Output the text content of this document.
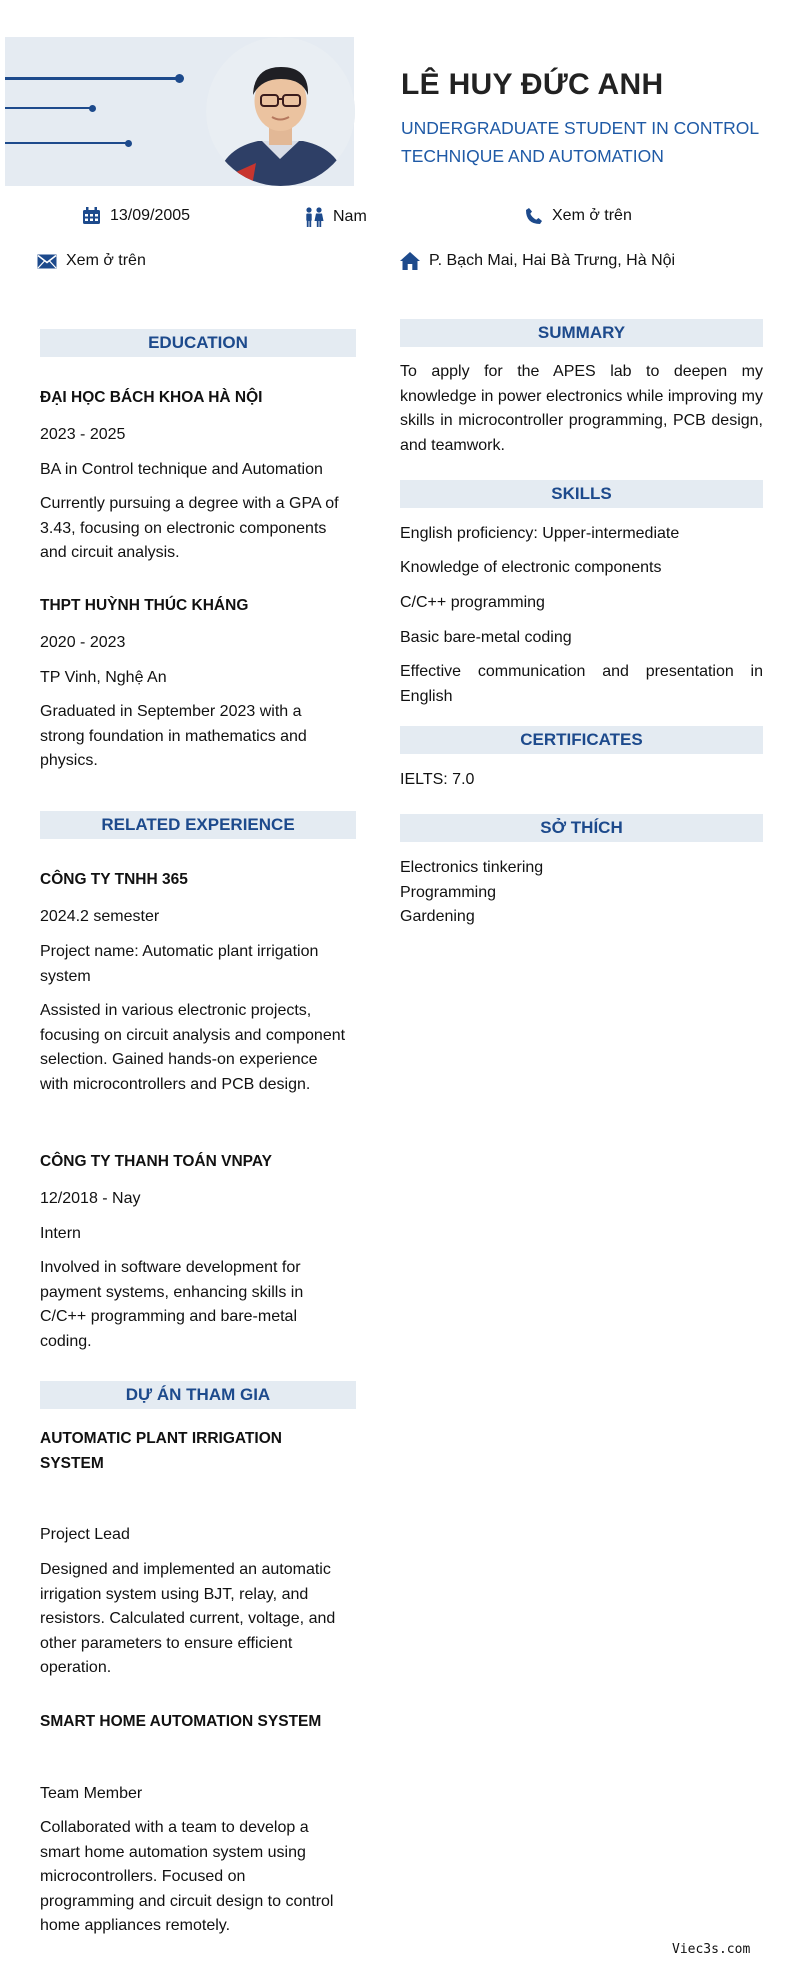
LÊ HUY ĐỨC ANH
UNDERGRADUATE STUDENT IN CONTROL TECHNIQUE AND AUTOMATION
13/09/2005	Nam	Xem ở trên
Xem ở trên	P. Bạch Mai, Hai Bà Trưng, Hà Nội
EDUCATION
ĐẠI HỌC BÁCH KHOA HÀ NỘI
2023 - 2025
BA in Control technique and Automation
Currently pursuing a degree with a GPA of 3.43, focusing on electronic components and circuit analysis.
THPT HUỲNH THÚC KHÁNG
2020 - 2023
TP Vinh, Nghệ An
Graduated in September 2023 with a strong foundation in mathematics and physics.
RELATED EXPERIENCE
CÔNG TY TNHH 365
2024.2 semester
Project name: Automatic plant irrigation system
Assisted in various electronic projects, focusing on circuit analysis and component selection. Gained hands-on experience with microcontrollers and PCB design.
CÔNG TY THANH TOÁN VNPAY
12/2018 - Nay
Intern
Involved in software development for payment systems, enhancing skills in C/C++ programming and bare-metal coding.
DỰ ÁN THAM GIA
AUTOMATIC PLANT IRRIGATION SYSTEM
Project Lead
Designed and implemented an automatic irrigation system using BJT, relay, and resistors. Calculated current, voltage, and other parameters to ensure efficient operation.
SMART HOME AUTOMATION SYSTEM
Team Member
Collaborated with a team to develop a smart home automation system using microcontrollers. Focused on programming and circuit design to control home appliances remotely.
SUMMARY
To apply for the APES lab to deepen my knowledge in power electronics while improving my skills in microcontroller programming, PCB design, and teamwork.
SKILLS
English proficiency: Upper-intermediate
Knowledge of electronic components
C/C++ programming
Basic bare-metal coding
Effective communication and presentation in English
CERTIFICATES
IELTS: 7.0
SỞ THÍCH
Electronics tinkering
Programming
Gardening
Viec3s.com
